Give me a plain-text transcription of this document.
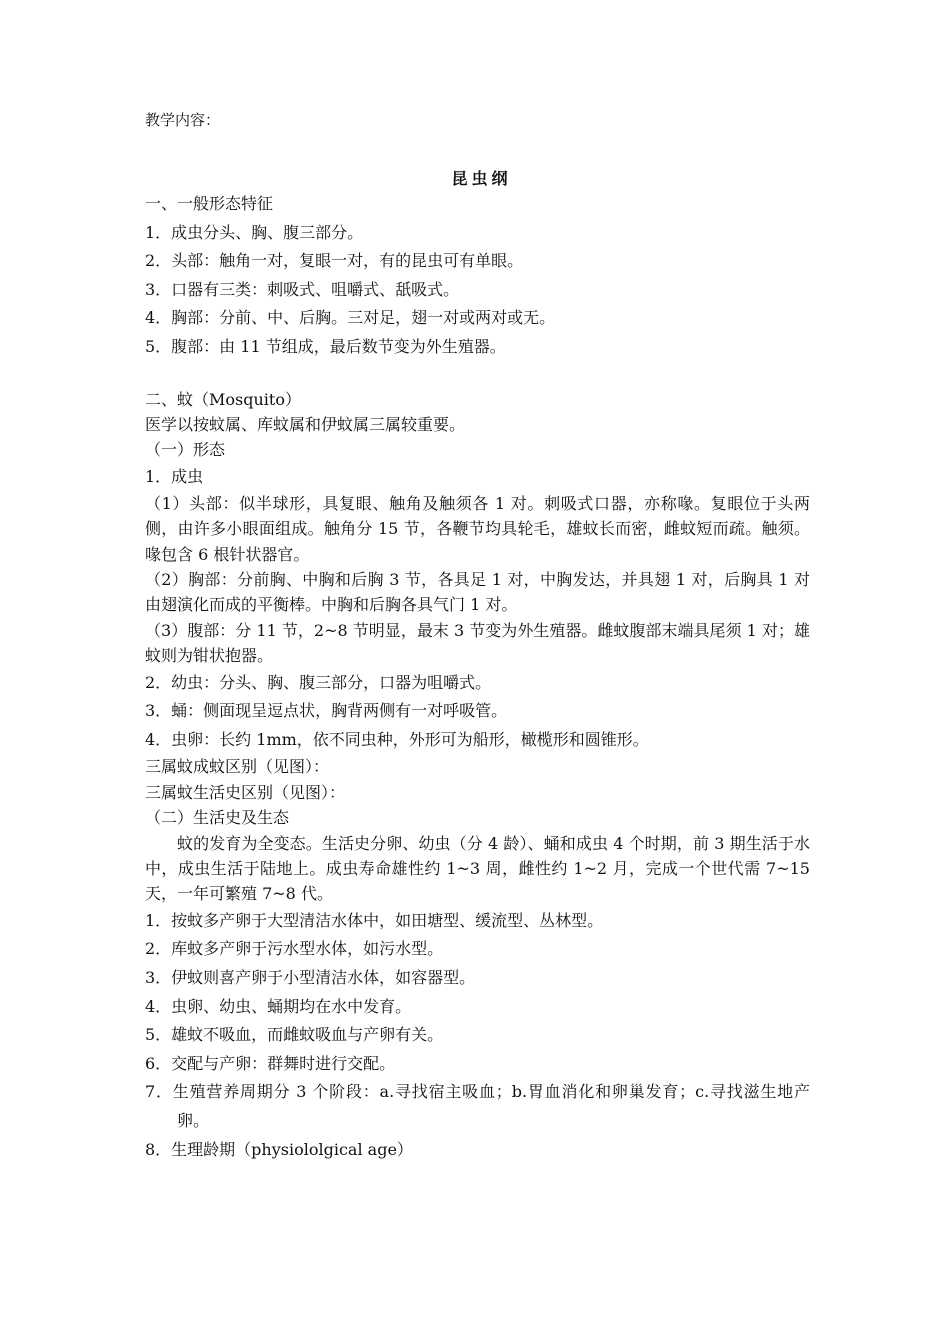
教学内容：

昆虫纲

一、一般形态特征

1．成虫分头、胸、腹三部分。

2．头部：触角一对，复眼一对，有的昆虫可有单眼。

3．口器有三类：刺吸式、咀嚼式、舐吸式。

4．胸部：分前、中、后胸。三对足，翅一对或两对或无。

5．腹部：由 11 节组成，最后数节变为外生殖器。

二、蚊（Mosquito）

医学以按蚊属、库蚊属和伊蚊属三属较重要。

（一）形态

1．成虫

（1）头部：似半球形，具复眼、触角及触须各 1 对。刺吸式口器，亦称喙。复眼位于头两侧，由许多小眼面组成。触角分 15 节，各鞭节均具轮毛，雄蚊长而密，雌蚊短而疏。触须。喙包含 6 根针状器官。

（2）胸部：分前胸、中胸和后胸 3 节，各具足 1 对，中胸发达，并具翅 1 对，后胸具 1 对由翅演化而成的平衡棒。中胸和后胸各具气门 1 对。

（3）腹部：分 11 节，2~8 节明显，最末 3 节变为外生殖器。雌蚊腹部末端具尾须 1 对；雄蚊则为钳状抱器。

2．幼虫：分头、胸、腹三部分，口器为咀嚼式。

3．蛹：侧面现呈逗点状，胸背两侧有一对呼吸管。

4．虫卵：长约 1mm，依不同虫种，外形可为船形，橄榄形和圆锥形。

三属蚊成蚊区别（见图）：

三属蚊生活史区别（见图）：

（二）生活史及生态

蚊的发育为全变态。生活史分卵、幼虫（分 4 龄）、蛹和成虫 4 个时期，前 3 期生活于水中，成虫生活于陆地上。成虫寿命雄性约 1~3 周，雌性约 1~2 月，完成一个世代需 7~15 天，一年可繁殖 7~8 代。

1．按蚊多产卵于大型清洁水体中，如田塘型、缓流型、丛林型。

2．库蚊多产卵于污水型水体，如污水型。

3．伊蚊则喜产卵于小型清洁水体，如容器型。

4．虫卵、幼虫、蛹期均在水中发育。

5．雄蚊不吸血，而雌蚊吸血与产卵有关。

6．交配与产卵：群舞时进行交配。

7．生殖营养周期分 3 个阶段：a.寻找宿主吸血；b.胃血消化和卵巢发育；c.寻找滋生地产卵。

8．生理龄期（physiololgical age）
